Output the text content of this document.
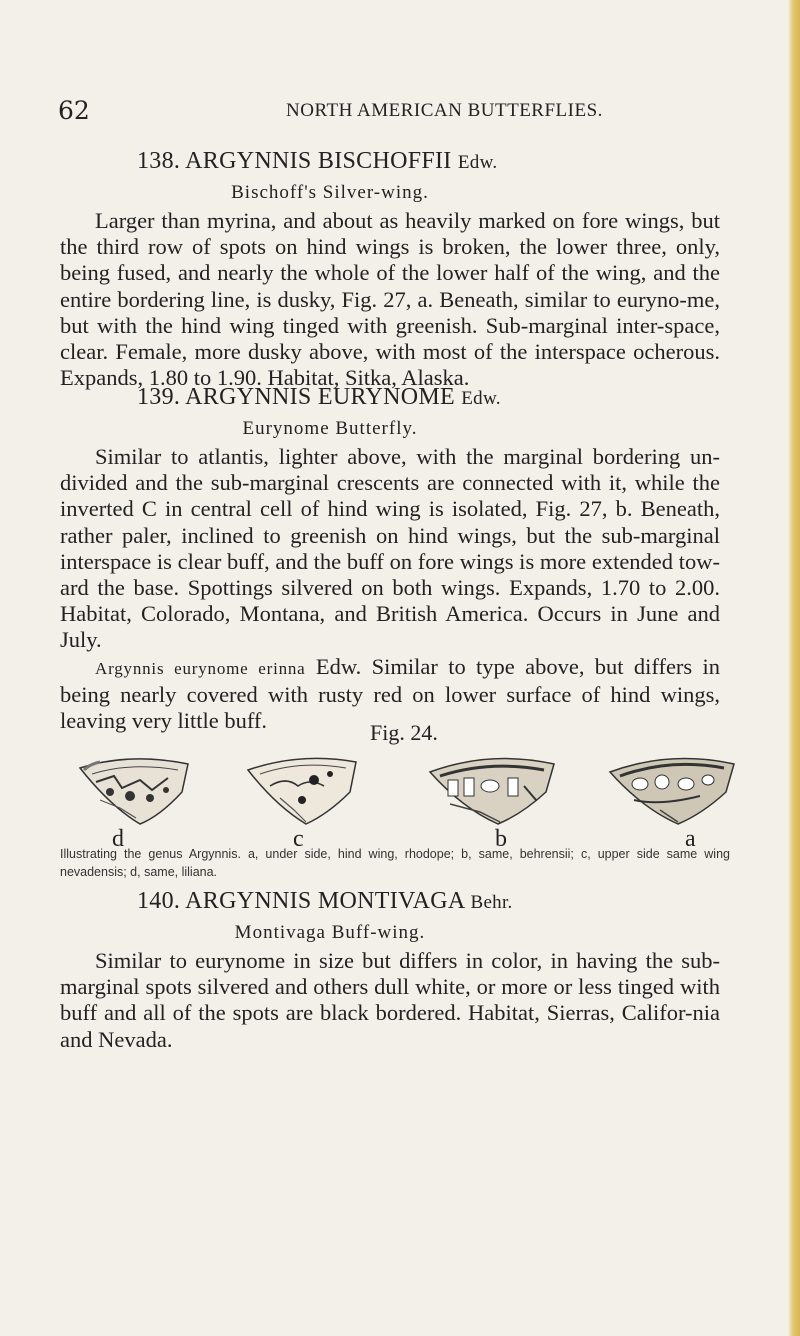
62	NORTH AMERICAN BUTTERFLIES.
138. ARGYNNIS BISCHOFFII Edw.
Bischoff's Silver-wing.

Larger than myrina, and about as heavily marked on fore wings, but the third row of spots on hind wings is broken, the lower three, only, being fused, and nearly the whole of the lower half of the wing, and the entire bordering line, is dusky, Fig. 27, a. Beneath, similar to euryno-me, but with the hind wing tinged with greenish. Sub-marginal inter-space, clear. Female, more dusky above, with most of the interspace ocherous. Expands, 1.80 to 1.90. Habitat, Sitka, Alaska.

139. ARGYNNIS EURYNOME Edw.
Eurynome Butterfly.

Similar to atlantis, lighter above, with the marginal bordering un-divided and the sub-marginal crescents are connected with it, while the inverted C in central cell of hind wing is isolated, Fig. 27, b. Beneath, rather paler, inclined to greenish on hind wings, but the sub-marginal interspace is clear buff, and the buff on fore wings is more extended tow-ard the base. Spottings silvered on both wings. Expands, 1.70 to 2.00. Habitat, Colorado, Montana, and British America. Occurs in June and July.

Argynnis eurynome erinna Edw. Similar to type above, but differs in being nearly covered with rusty red on lower surface of hind wings, leaving very little buff.	Fig. 24.
d	c	b	a
Illustrating the genus Argynnis. a, under side, hind wing, rhodope; b, same, behrensii; c, upper side same wing nevadensis; d, same, liliana.
140. ARGYNNIS MONTIVAGA Behr.
Montivaga Buff-wing.

Similar to eurynome in size but differs in color, in having the sub-marginal spots silvered and others dull white, or more or less tinged with buff and all of the spots are black bordered. Habitat, Sierras, Califor-nia and Nevada.
